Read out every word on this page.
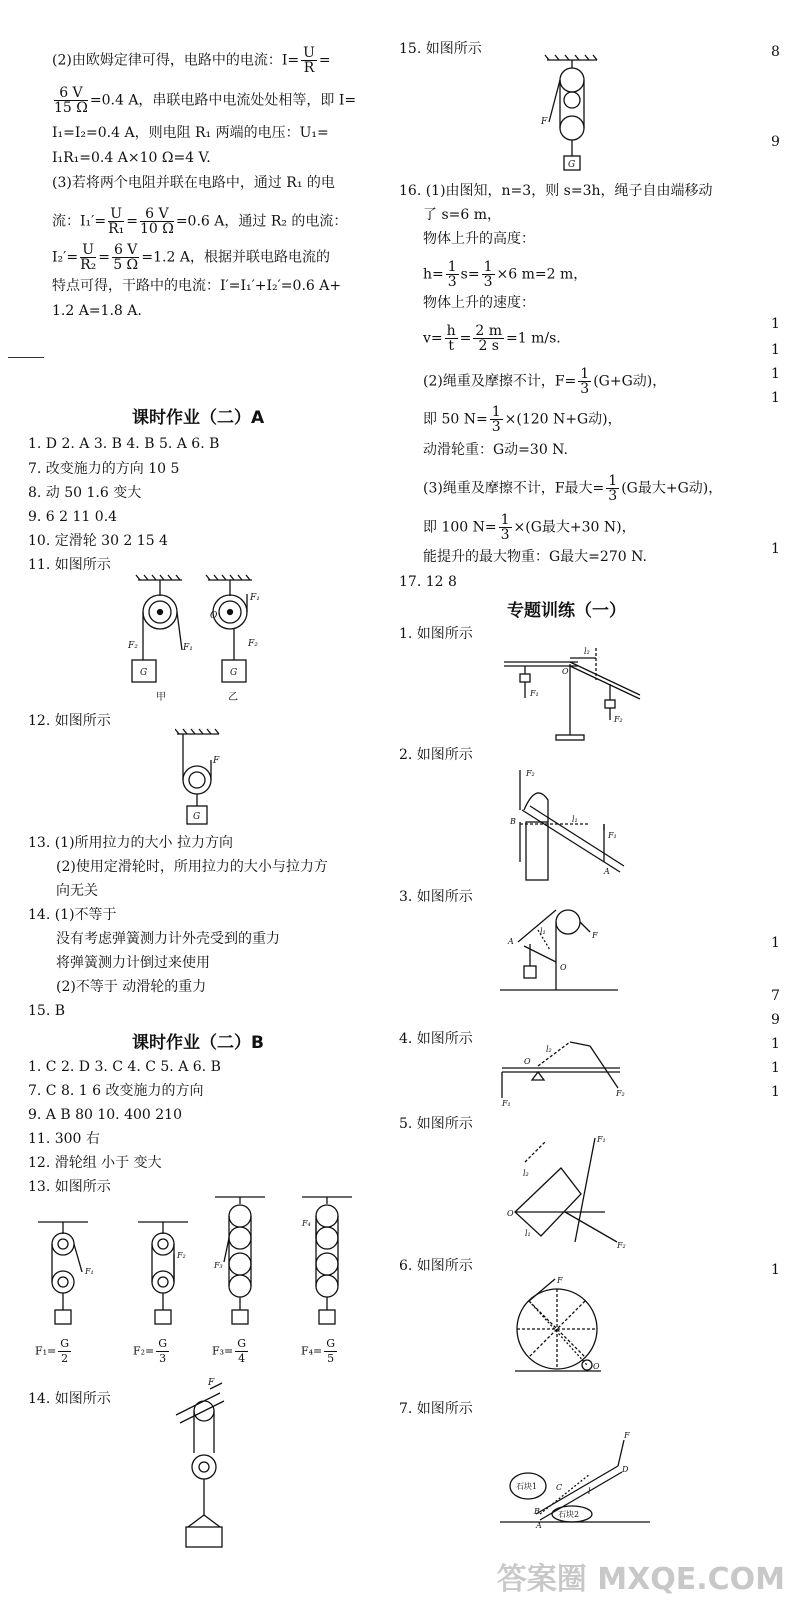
(2)由欧姆定律可得，电路中的电流：$I= \frac{U}{R}$ =
$\frac{6 V}{15 \Omega} =0.4$ A，串联电路中电流处处相等，即 I=
I₁=I₂=0.4 A，则电阻 R₁ 两端的电压：U₁=
I₁R₁=0.4 A×10 Ω=4 V.
(3)若将两个电阻并联在电路中，通过 R₁ 的电
流：$I_1'= \frac{U}{\text{R₁}} = \frac{6 V}{10 \Omega} =0.6$ A，通过 R₂ 的电流：
$I_2'= \frac{U}{\text{R₂}} = \frac{6 V}{5 \Omega} =1.2$ A，根据并联电路电流的
特点可得，干路中的电流：I′=I₁′+I₂′=0.6 A+
1.2 A=1.8 A.
课时作业（二）A
1. D 2. A 3. B 4. B 5. A 6. B
7. 改变施力的方向 10 5
8. 动 50 1.6 变大
9. 6 2 11 0.4
10. 定滑轮 30 2 15 4
11. 如图所示
G	G
F₂	F₁
F₁
F₂
O
甲	乙
12. 如图所示
G
F
13. (1)所用拉力的大小 拉力方向
(2)使用定滑轮时，所用拉力的大小与拉力方
向无关
14. (1)不等于
没有考虑弹簧测力计外壳受到的重力
将弹簧测力计倒过来使用
(2)不等于 动滑轮的重力
15. B
课时作业（二）B
1. C 2. D 3. C 4. C 5. A 6. B
7. C 8. 1 6 改变施力的方向
9. A B 80 10. 400 210
11. 300 右
12. 滑轮组 小于 变大
13. 如图所示
F₁
F₂
F₃
F₄
$F_1= \frac{G}{2}$	$F_2= \frac{G}{3}$	$F_3= \frac{G}{4}$	$F_4= \frac{G}{5}$
14. 如图所示
F
15. 如图所示
F
G
16. (1)由图知，n=3，则 s=3h，绳子自由端移动
了 s=6 m，
物体上升的高度：
$h= \frac{1}{3} s= \frac{1}{3} \times 6$ m=2 m，
物体上升的速度：
$v= \frac{h}{t} = \frac{2 m}{2 s} =1$ m/s.
(2)绳重及摩擦不计，$F= \frac{1}{3} (G+G$动)，
即 50 $N= \frac{1}{3} \times(120$ N+G动)，
动滑轮重：G动=30 N.
(3)绳重及摩擦不计，F最大= $\frac{1}{3} (G$最大+G动)，
即 100 $N= \frac{1}{3} \times(G$最大+30 N)，
能提升的最大物重：G最大=270 N.
17. 12 8
专题训练（一）
1. 如图所示
F₁
F₂
O
l₂
2. 如图所示
F₂
B	l₁
F₁
A
3. 如图所示
A
l₁	F
O
4. 如图所示
F₁
O
l₂
F₂
5. 如图所示
O
l₂
F₁
F₂
l₁
6. 如图所示
F
O
7. 如图所示
F
D
l
C
B
A
石块1
石块2
8
9
1
1
1
1
1
1
7
9
1
1
1
1
答案圈 MXQE.COM
